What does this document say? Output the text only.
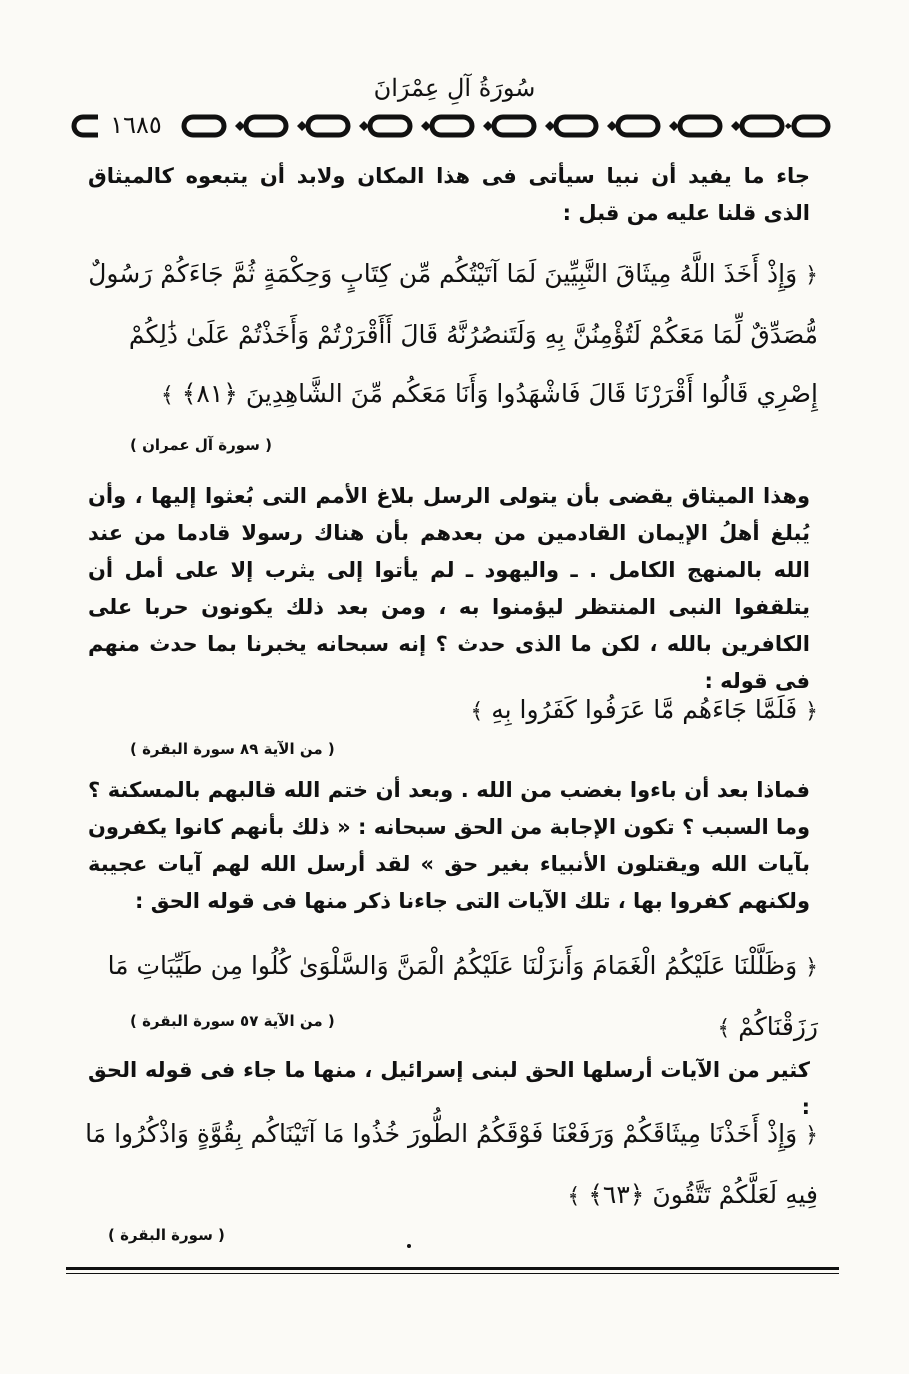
سُورَةُ آلِ عِمْرَانَ
١٦٨٥
جاء ما يفيد أن نبيا سيأتى فى هذا المكان ولابد أن يتبعوه كالميثاق الذى قلنا عليه من قبل :
﴿ وَإِذْ أَخَذَ اللَّهُ مِيثَاقَ النَّبِيِّينَ لَمَا آتَيْتُكُم مِّن كِتَابٍ وَحِكْمَةٍ ثُمَّ جَاءَكُمْ رَسُولٌ مُّصَدِّقٌ لِّمَا مَعَكُمْ لَتُؤْمِنُنَّ بِهِ وَلَتَنصُرُنَّهُ قَالَ أَأَقْرَرْتُمْ وَأَخَذْتُمْ عَلَىٰ ذَٰلِكُمْ إِصْرِي قَالُوا أَقْرَرْنَا قَالَ فَاشْهَدُوا وَأَنَا مَعَكُم مِّنَ الشَّاهِدِينَ ﴿٨١﴾ ﴾
( سورة آل عمران )
وهذا الميثاق يقضى بأن يتولى الرسل بلاغ الأمم التى بُعثوا إليها ، وأن يُبلغ أهلُ الإيمان القادمين من بعدهم بأن هناك رسولا قادما من عند الله بالمنهج الكامل . ـ واليهود ـ لم يأتوا إلى يثرب إلا على أمل أن يتلقفوا النبى المنتظر ليؤمنوا به ، ومن بعد ذلك يكونون حربا على الكافرين بالله ، لكن ما الذى حدث ؟ إنه سبحانه يخبرنا بما حدث منهم فى قوله :
﴿ فَلَمَّا جَاءَهُم مَّا عَرَفُوا كَفَرُوا بِهِ ﴾
( من الآية ٨٩ سورة البقرة )
فماذا بعد أن باءوا بغضب من الله . وبعد أن ختم الله قالبهم بالمسكنة ؟ وما السبب ؟ تكون الإجابة من الحق سبحانه : « ذلك بأنهم كانوا يكفرون بآيات الله ويقتلون الأنبياء بغير حق » لقد أرسل الله لهم آيات عجيبة ولكنهم كفروا بها ، تلك الآيات التى جاءنا ذكر منها فى قوله الحق :
﴿ وَظَلَّلْنَا عَلَيْكُمُ الْغَمَامَ وَأَنزَلْنَا عَلَيْكُمُ الْمَنَّ وَالسَّلْوَىٰ كُلُوا مِن طَيِّبَاتِ مَا رَزَقْنَاكُمْ ﴾
( من الآية ٥٧ سورة البقرة )
كثير من الآيات أرسلها الحق لبنى إسرائيل ، منها ما جاء فى قوله الحق :
﴿ وَإِذْ أَخَذْنَا مِيثَاقَكُمْ وَرَفَعْنَا فَوْقَكُمُ الطُّورَ خُذُوا مَا آتَيْنَاكُم بِقُوَّةٍ وَاذْكُرُوا مَا فِيهِ لَعَلَّكُمْ تَتَّقُونَ ﴿٦٣﴾ ﴾
( سورة البقرة )
